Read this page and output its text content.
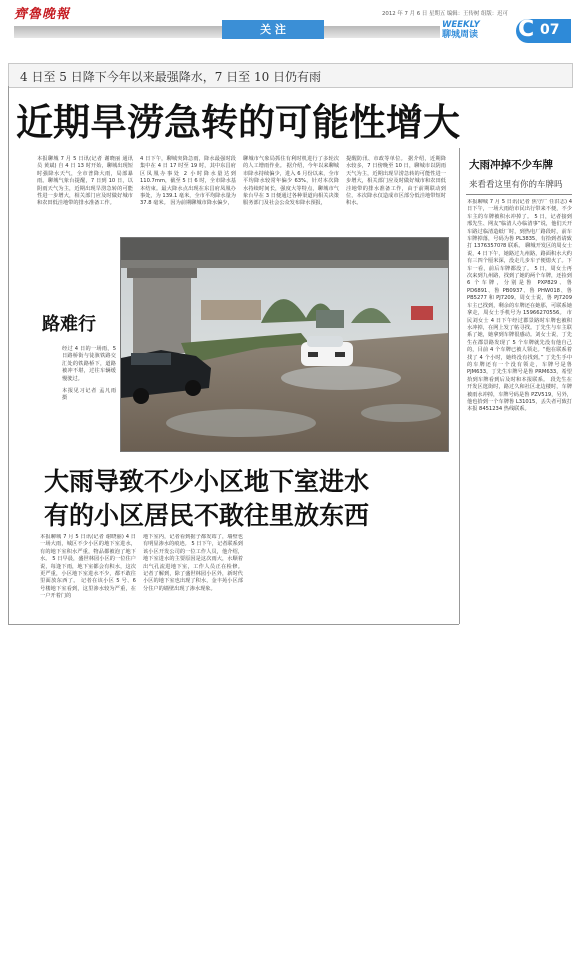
齊魯晚報	2012 年 7 月 6 日 星期五 编辑：王传树 组版：迟可
关 注	WEEKLY
聊城周读	C 07
4 日至 5 日降下今年以来最强降水，7 日至 10 日仍有雨
近期旱涝急转的可能性增大
本报聊城 7 月 5 日讯(记者 谢晓丽 通讯员 黄斌) 自 4 日 13 时开始，聊城出现短时强降水天气，全市普降大雨，局部暴雨。聊城气象台提醒，7 日到 10 日，以阴雨天气为主，近期出现旱涝急转的可能性进一步增大，相关部门应及时做好城市和农田低洼地带的排水准备工作。
4 日下午，聊城突降急雨，降水最强时段集中在 4 日 17 时至 19 时，其中东昌府区凤凰办事处 2 小时降水量达到 110.7mm，截至 5 日 6 时，全市降水基本结束。最大降水点出现在东昌府凤凰办事处，为 139.1 毫米，全市平均降水量为 37.8 毫米。 因为前期聊城市降水偏少，
聊城市气象局抓住有利时机进行了多轮次的人工增雨作业。 据介绍，今年以来聊城市降水持续偏少，进入 6 月份以来，全市平均降水较常年偏少 63%，针对本次降水持续时间长，强度大等特点，聊城市气象台早在 3 日便通过各种渠道向相关决策服务部门及社会公众发布降水预报，
提醒防汛、市政等单位。 据介绍，近期降水较多，7 日傍晚至 10 日，聊城市以阴雨天气为主，近期出现旱涝急转的可能性进一步增大，相关部门应及时做好城市和农田低洼地带的排水准备工作，由于前期联动到位，本次降水仅造成市区部分低洼地带短时积水。
路难行
经过 4 日的一场雨，5 日路桥街与徒骇铁路交汇处的铁路桥下，道路被冲不堪，过往车辆缓慢驶过。
本报见习记者 孟凡雨 摄
大雨冲掉不少车牌
来看看这里有你的车牌吗
本报聊城 7 月 5 日讯(记者 焦守广 任洪志) 4 日下午，一场大雨给市民出行带来不便，不少车主的车牌被积水冲掉了。 5 日，记者接到邢先生、网友“临清人办临清事”说，他们天开车路过临清造纸厂时，到热电厂路段时，前车车牌掉落，号码为鲁 PL3835，有拾到者请致打 13763570?8 联系。 聊城开发区的周女士说，4 日下午，她路过九州路，路面积水大约有三四个厘米深，没走几步车子便熄火了。下车一看，前后车牌都没了。 5 日，周女士再次来到九州路，找到了她的两个车牌，还捡到 6 个车牌，分别是鲁 PXP829、鲁 PD6891、鲁 PB0937、鲁 PHW018、鲁 PB5277 和 PJ7209。周女士说，鲁 PJ7209 车主已找到，剩余的车牌还在她那，可联系她拿走，周女士手机号为 15966270556。 市民刘女士 4 日下午经过郡景路时车牌也被积水冲掉，在网上发了帖寻找。丁先生与车主联系了她，她拿到车牌很感动。刘女士说，丁先生在郡景路发现了 5 个车牌就先没有他自己的，目前 4 个车牌已被人领走。“他在联系着找了 4 个小时，她终没有找到。” 丁先生手中的车牌还有一个没有领走，车牌号是鲁 PJM633，丁先生车牌号是鲁 PRM633，希望拾到车牌看到后及时和本报联系。 段先生在开发区逛街时，路过久和社区北边楼时，车牌被雨水冲掉，车牌号码是鲁 PZV519，另外，他也拾到一个车牌鲁 L31015，丢失者可致打本报 8451234 热线联系。
大雨导致不少小区地下室进水
有的小区居民不敢往里放东西
本报聊城 7 月 5 日讯(记者 谢晓丽) 4 日一场大雨，城区不少小区的地下室进水，有的地下室积水严重，物品都被泡了地下水。 5 日早晨，盛世林园小区的一位住户说，每逢下雨，地下室都会有积水，这次更严重，小区地下室进水不少，都不敢往里面放东西了。 记者在该小区 5 号、6 号楼地下室看到，这里渗水较为严重，在一户开着门的
地下室内，记者看到据子都发霉了，墙壁也有明显渗水的痕迹。 5 日下午，记者联系到该小区开发公司的一位工作人员，他介绍，地下室进水的主要原因是这次雨大，水顺着出气孔流进地下室，工作人员正在检修。 记者了解到，除了盛世林园小区外，新时代小区的地下室也出现了积水，金丰苑小区部分住户的墙壁出现了渗水现象。
